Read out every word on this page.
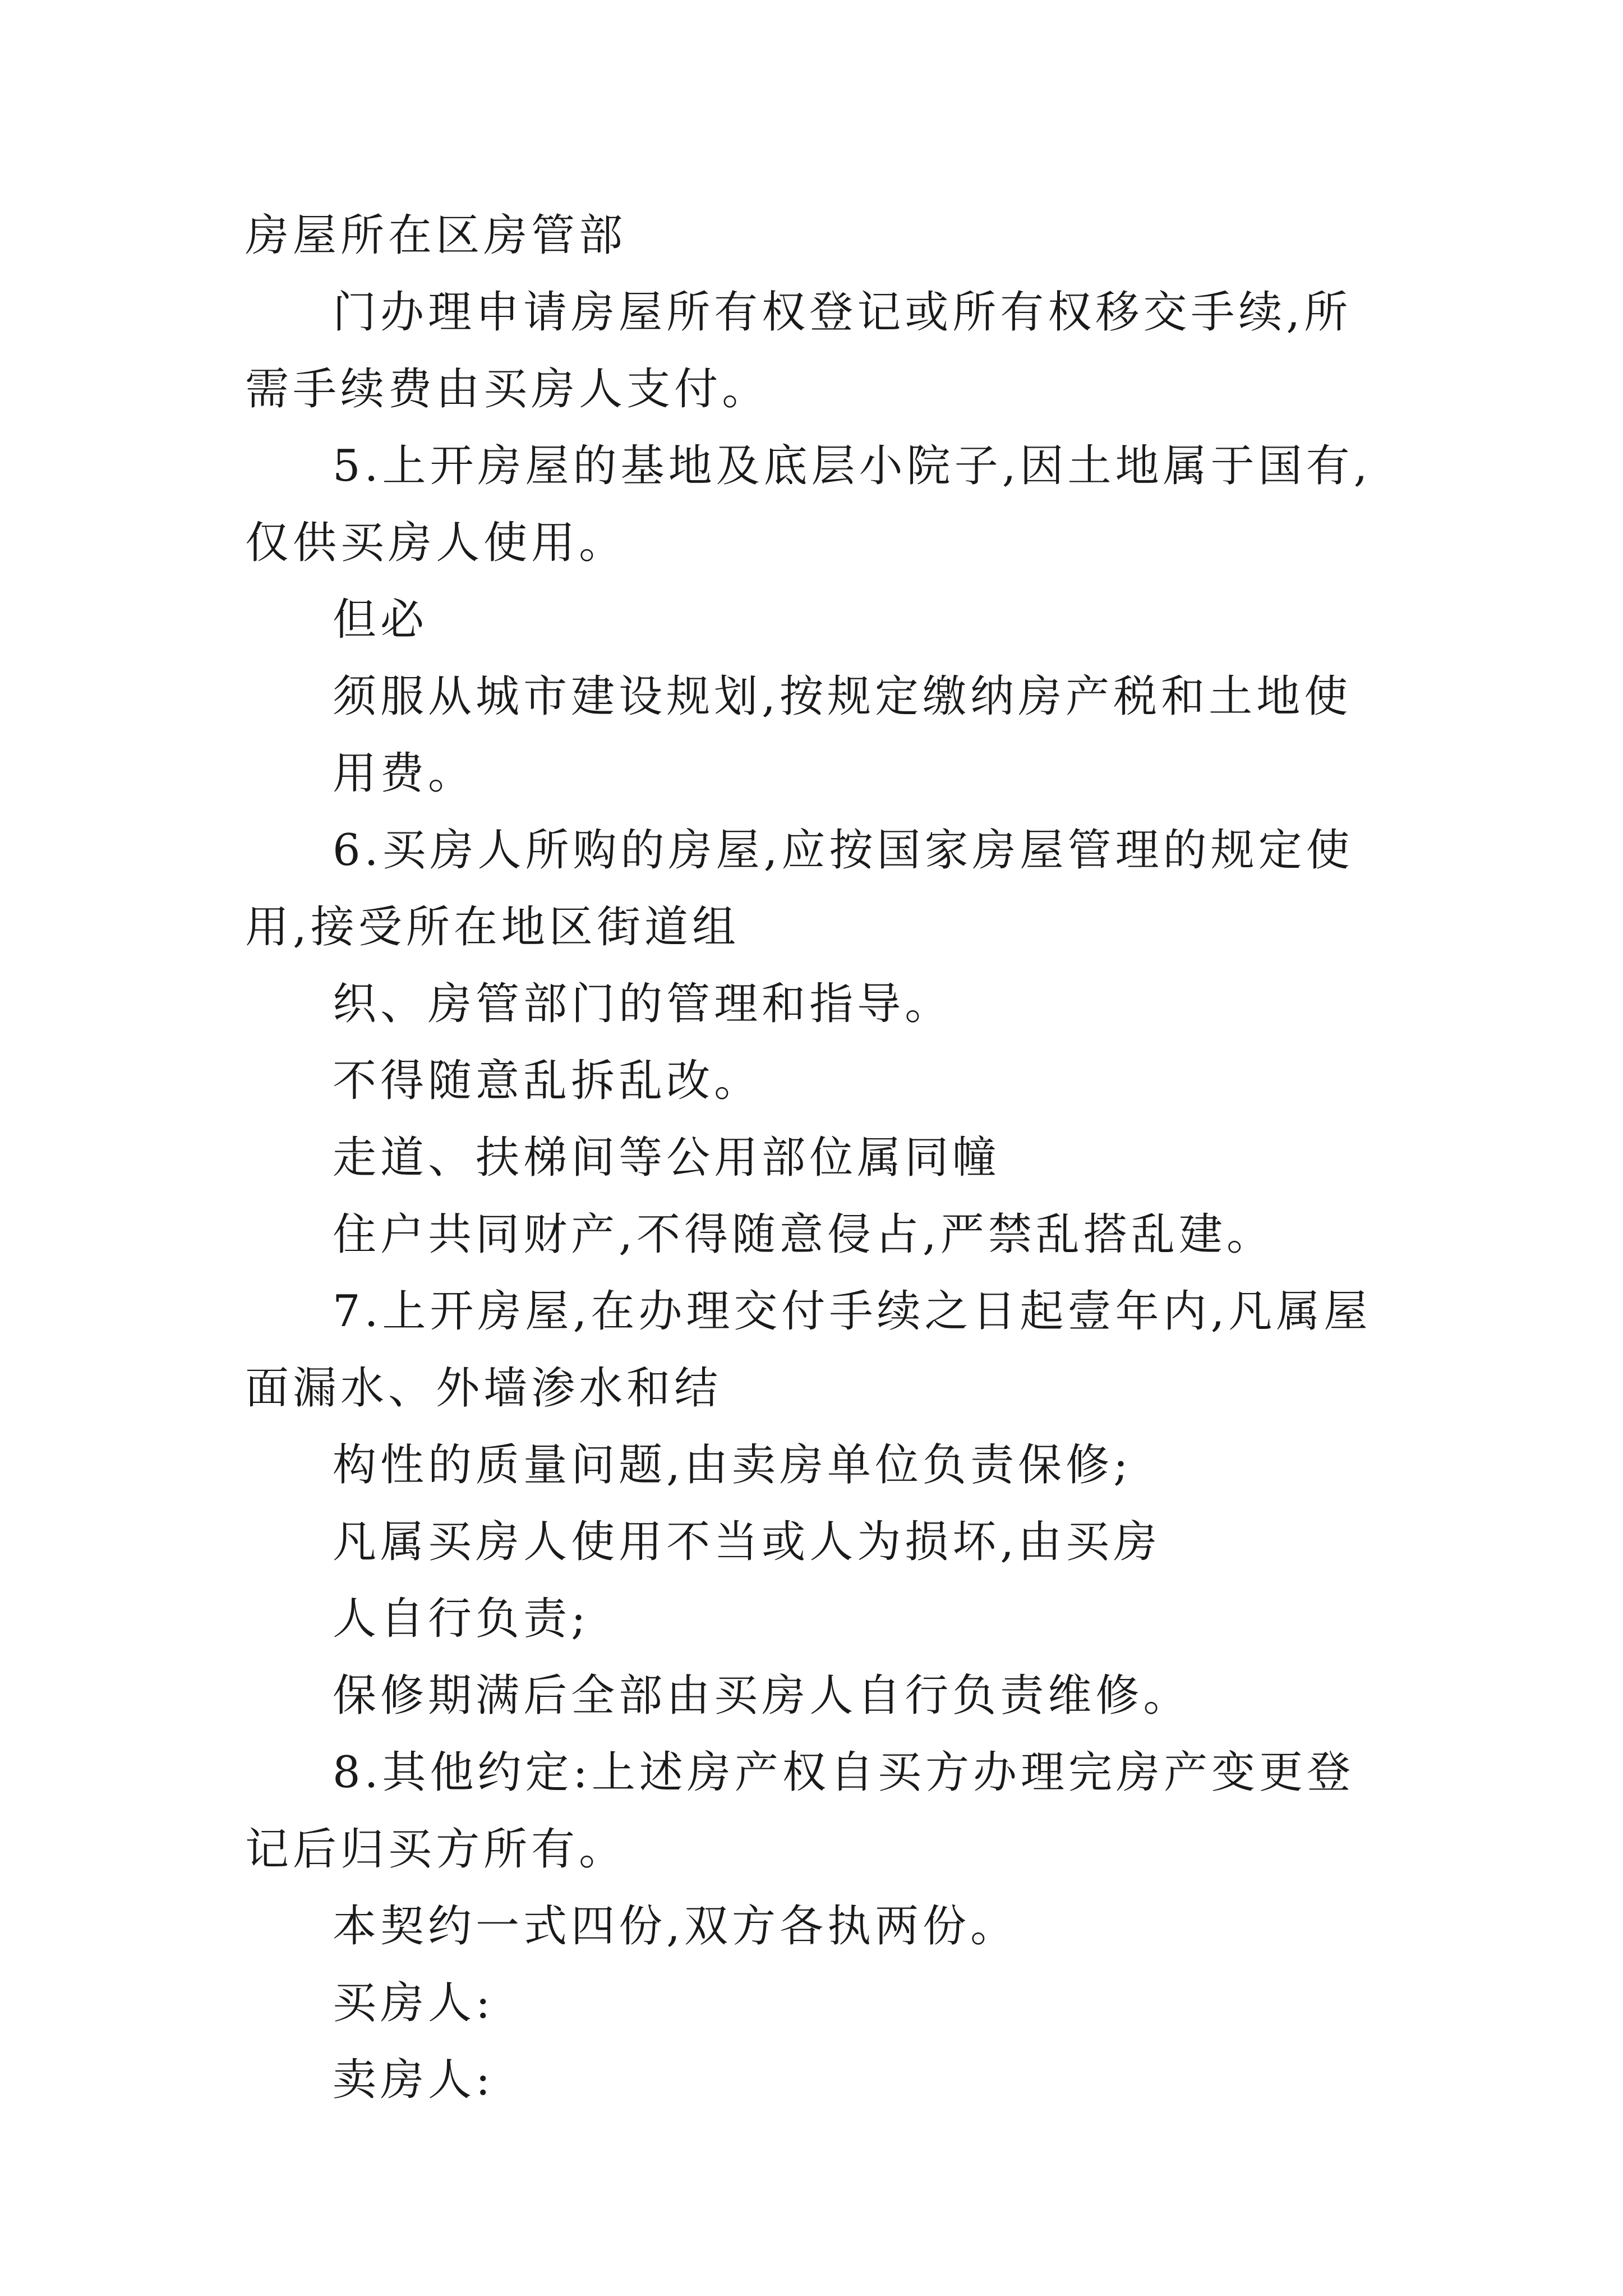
房屋所在区房管部

门办理申请房屋所有权登记或所有权移交手续,所需手续费由买房人支付。

5.上开房屋的基地及底层小院子,因土地属于国有,仅供买房人使用。

但必

须服从城市建设规划,按规定缴纳房产税和土地使用费。

6.买房人所购的房屋,应按国家房屋管理的规定使用,接受所在地区街道组

织、房管部门的管理和指导。

不得随意乱拆乱改。

走道、扶梯间等公用部位属同幢

住户共同财产,不得随意侵占,严禁乱搭乱建。

7.上开房屋,在办理交付手续之日起壹年内,凡属屋面漏水、外墙渗水和结

构性的质量问题,由卖房单位负责保修;

凡属买房人使用不当或人为损坏,由买房

人自行负责;

保修期满后全部由买房人自行负责维修。

8.其他约定:上述房产权自买方办理完房产变更登记后归买方所有。

本契约一式四份,双方各执两份。

买房人:

卖房人:
